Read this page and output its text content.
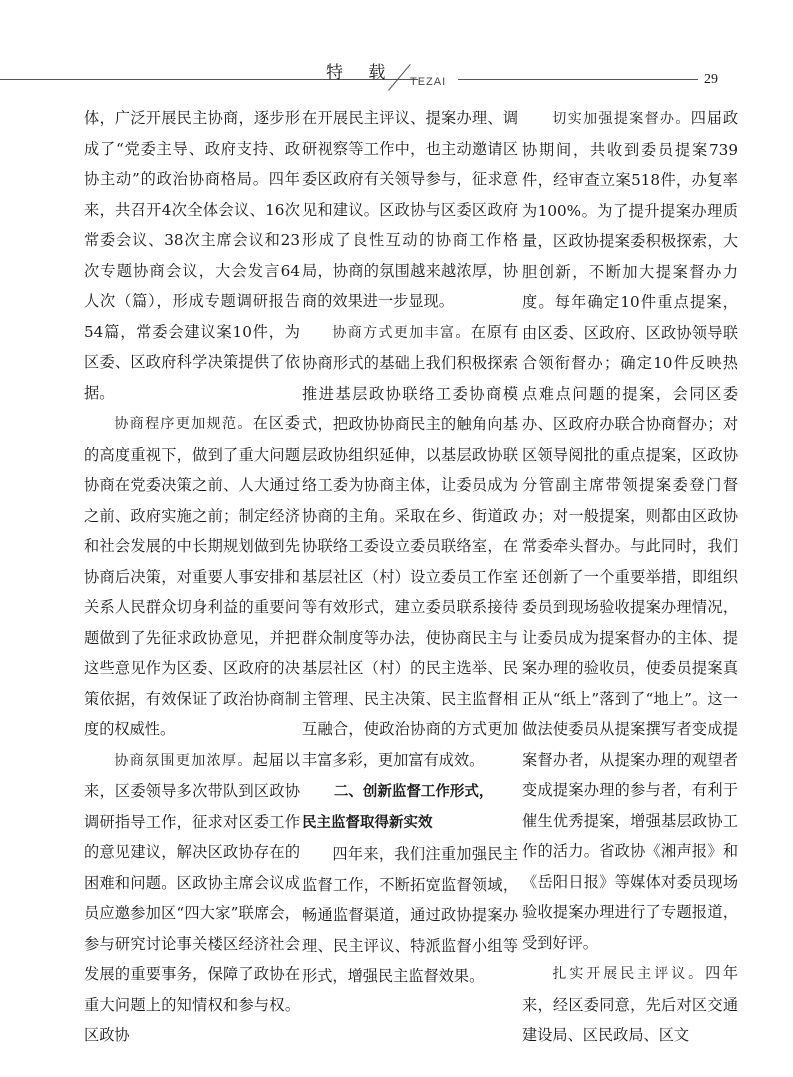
特 载 TEZAI	29

体，广泛开展民主协商，逐步形成了“党委主导、政府支持、政协主动”的政治协商格局。四年来，共召开4次全体会议、16次常委会议、38次主席会议和23次专题协商会议，大会发言64人次（篇），形成专题调研报告54篇，常委会建议案10件，为区委、区政府科学决策提供了依据。

协商程序更加规范。在区委的高度重视下，做到了重大问题协商在党委决策之前、人大通过之前、政府实施之前；制定经济和社会发展的中长期规划做到先协商后决策，对重要人事安排和关系人民群众切身利益的重要问题做到了先征求政协意见，并把这些意见作为区委、区政府的决策依据，有效保证了政治协商制度的权威性。

协商氛围更加浓厚。起届以来，区委领导多次带队到区政协调研指导工作，征求对区委工作的意见建议，解决区政协存在的困难和问题。区政协主席会议成员应邀参加区“四大家”联席会，参与研究讨论事关楼区经济社会发展的重要事务，保障了政协在重大问题上的知情权和参与权。区政协

在开展民主评议、提案办理、调研视察等工作中，也主动邀请区委区政府有关领导参与，征求意见和建议。区政协与区委区政府形成了良性互动的协商工作格局，协商的氛围越来越浓厚，协商的效果进一步显现。

协商方式更加丰富。在原有协商形式的基础上我们积极探索推进基层政协联络工委协商模式，把政协协商民主的触角向基层政协组织延伸，以基层政协联络工委为协商主体，让委员成为协商的主角。采取在乡、街道政协联络工委设立委员联络室，在基层社区（村）设立委员工作室等有效形式，建立委员联系接待群众制度等办法，使协商民主与基层社区（村）的民主选举、民主管理、民主决策、民主监督相互融合，使政治协商的方式更加丰富多彩，更加富有成效。

二、创新监督工作形式，
民主监督取得新实效

四年来，我们注重加强民主监督工作，不断拓宽监督领域，畅通监督渠道，通过政协提案办理、民主评议、特派监督小组等形式，增强民主监督效果。

切实加强提案督办。四届政协期间，共收到委员提案739　件，经审查立案518件，办复率为100%。为了提升提案办理质量，区政协提案委积极探索，大胆创新，不断加大提案督办力度。每年确定10件重点提案，由区委、区政府、区政协领导联合领衔督办；确定10件反映热点难点问题的提案，会同区委办、区政府办联合协商督办；对区领导阅批的重点提案，区政协分管副主席带领提案委登门督办；对一般提案，则都由区政协常委牵头督办。与此同时，我们还创新了一个重要举措，即组织委员到现场验收提案办理情况，让委员成为提案督办的主体、提案办理的验收员，使委员提案真正从“纸上”落到了“地上”。这一做法使委员从提案撰写者变成提案督办者，从提案办理的观望者变成提案办理的参与者，有利于催生优秀提案，增强基层政协工作的活力。省政协《湘声报》和《岳阳日报》等媒体对委员现场验收提案办理进行了专题报道，受到好评。

扎实开展民主评议。四年来，经区委同意，先后对区交通建设局、区民政局、区文
